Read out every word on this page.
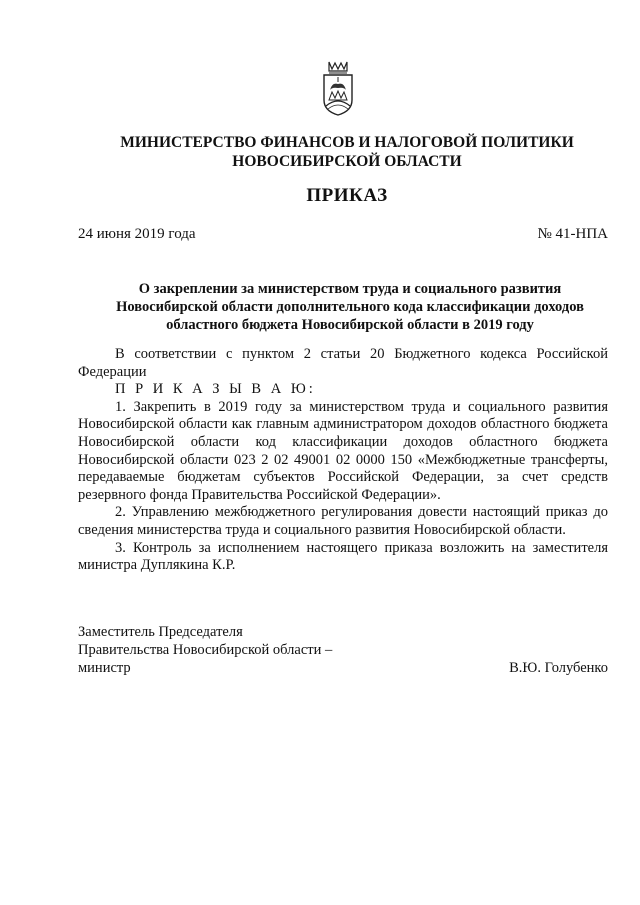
МИНИСТЕРСТВО ФИНАНСОВ И НАЛОГОВОЙ ПОЛИТИКИ
НОВОСИБИРСКОЙ ОБЛАСТИ
ПРИКАЗ
24 июня 2019 года	№ 41-НПА
О закреплении за министерством труда и социального развития
Новосибирской области дополнительного кода классификации доходов
областного бюджета Новосибирской области в 2019 году

В соответствии с пунктом 2 статьи 20 Бюджетного кодекса Российской Федерации

П Р И К А З Ы В А Ю:

1. Закрепить в 2019 году за министерством труда и социального развития Новосибирской области как главным администратором доходов областного бюджета Новосибирской области код классификации доходов областного бюджета Новосибирской области 023 2 02 49001 02 0000 150 «Межбюджетные трансферты, передаваемые бюджетам субъектов Российской Федерации, за счет средств резервного фонда Правительства Российской Федерации».

2. Управлению межбюджетного регулирования довести настоящий приказ до сведения министерства труда и социального развития Новосибирской области.

3. Контроль за исполнением настоящего приказа возложить на заместителя министра Дуплякина К.Р.

Заместитель Председателя
Правительства Новосибирской области –
министр	В.Ю. Голубенко
